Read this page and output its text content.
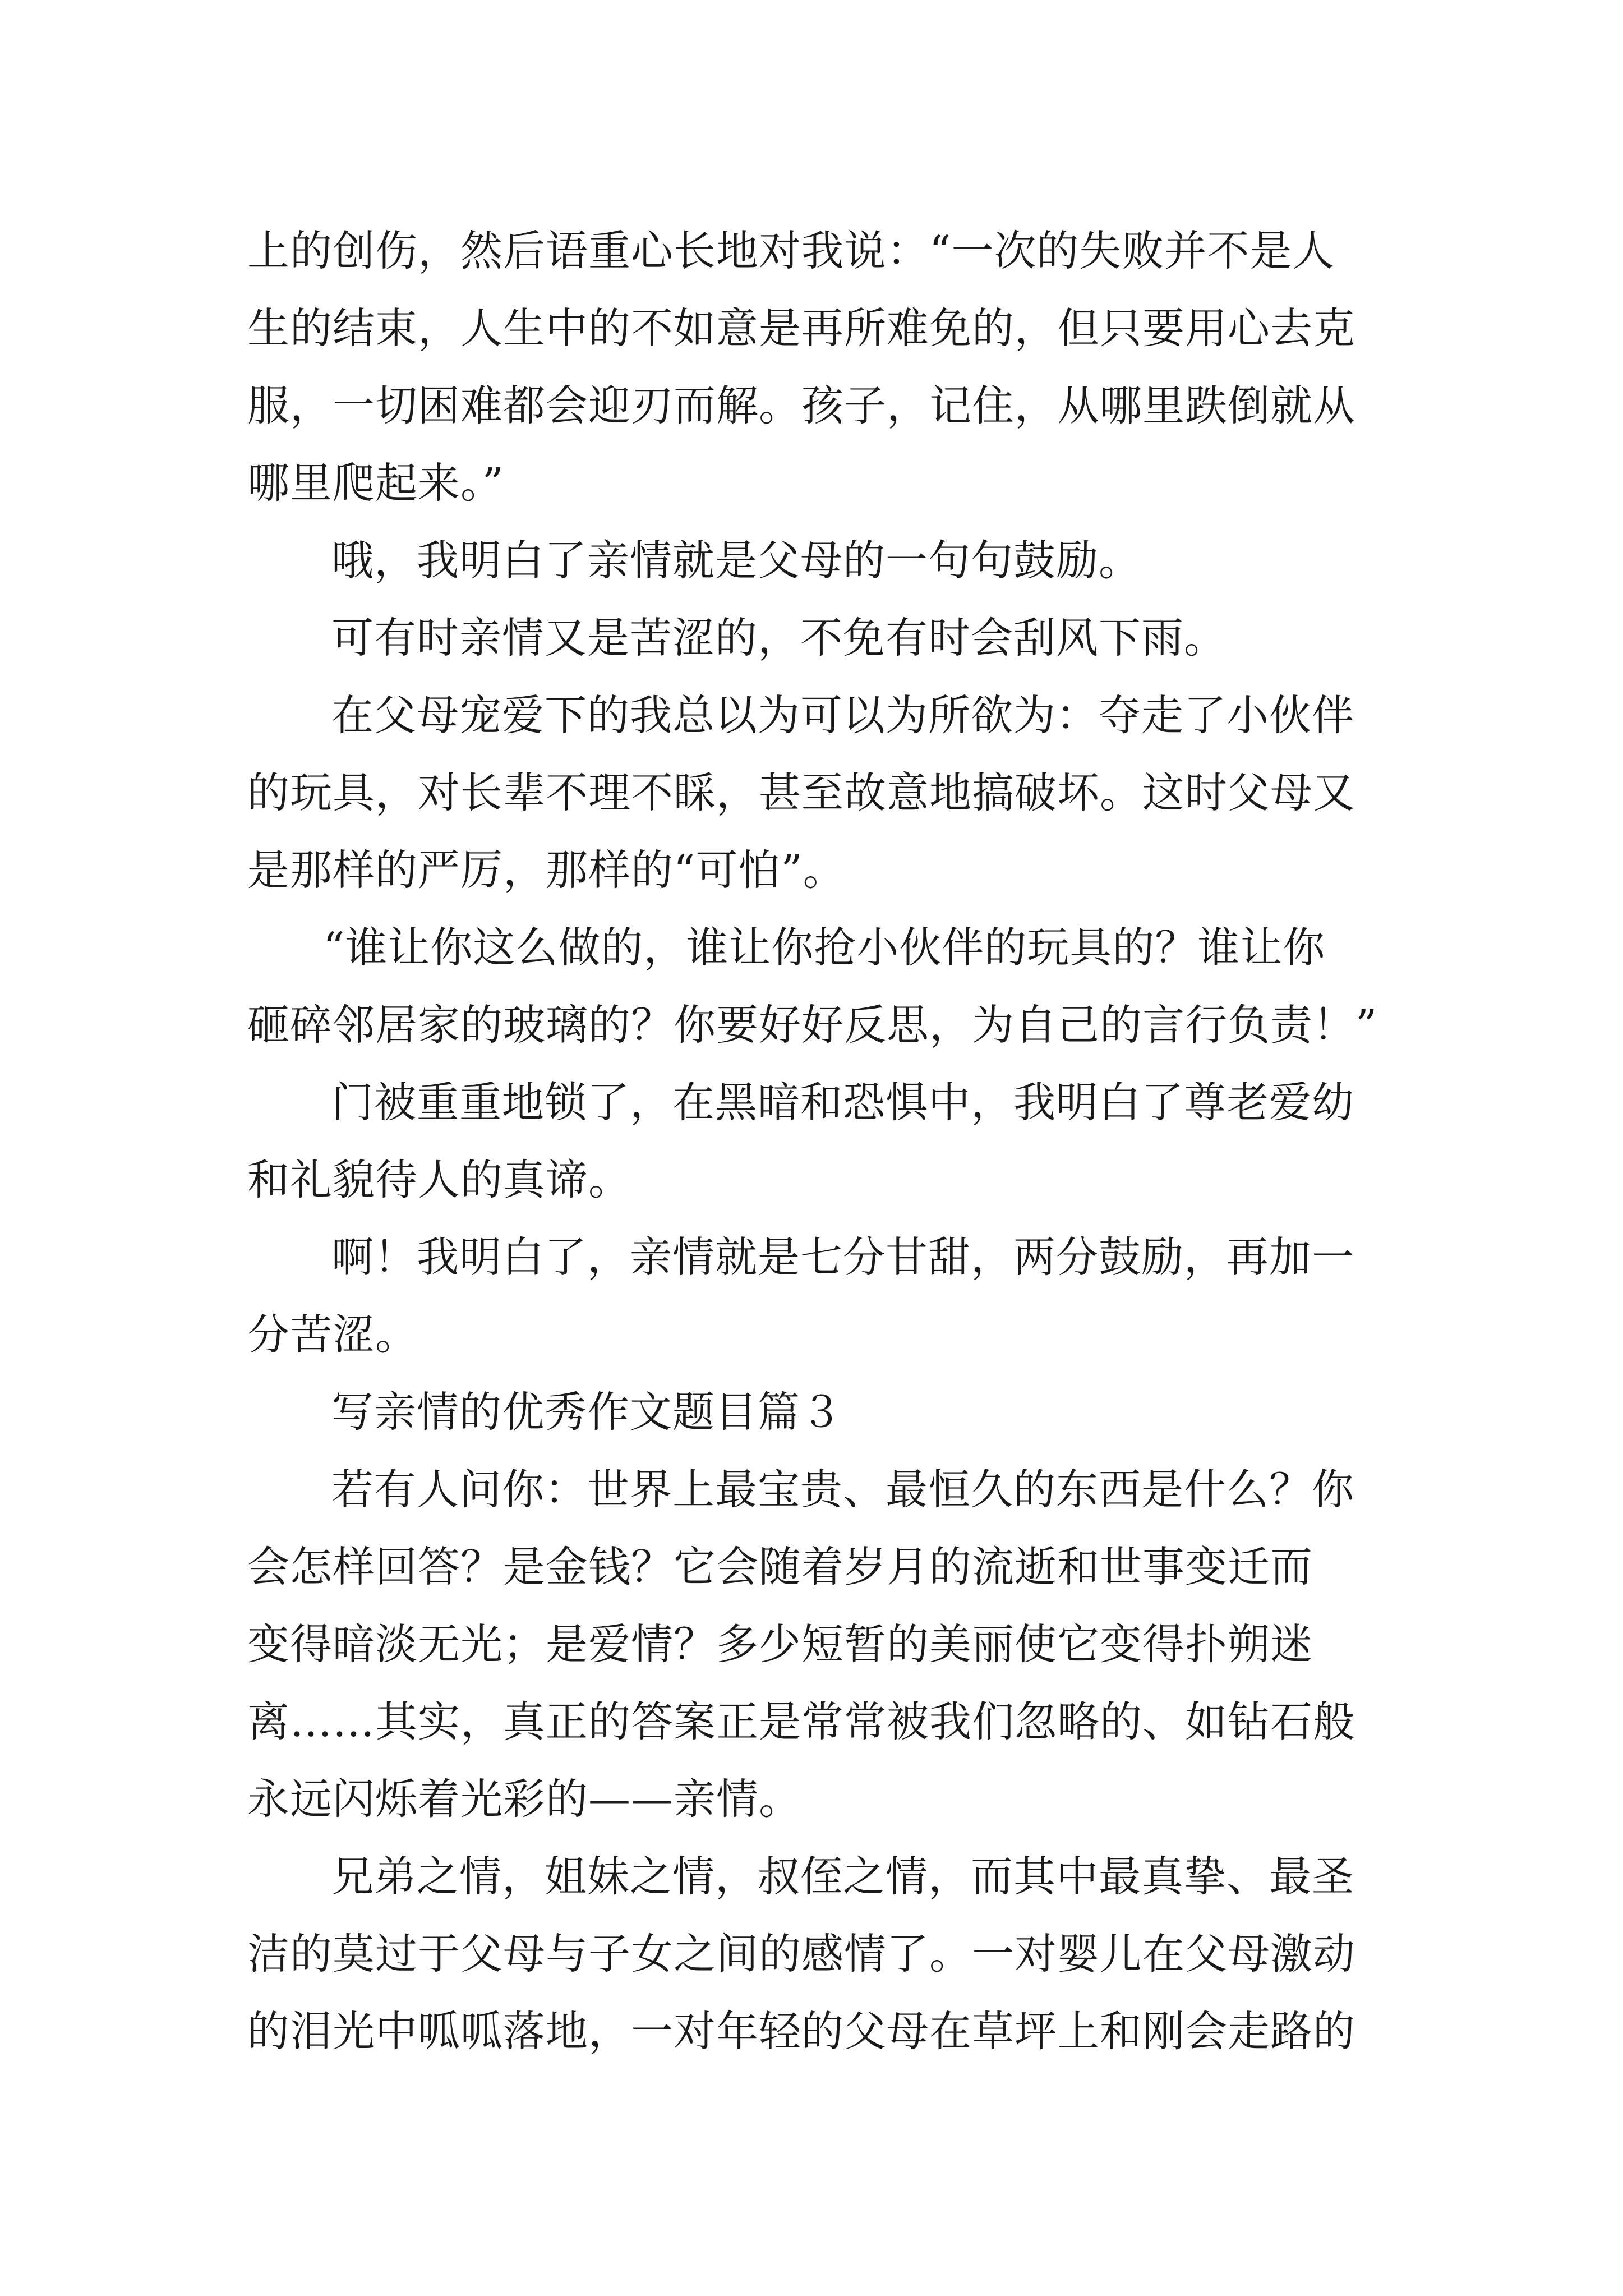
上的创伤，然后语重心长地对我说：“一次的失败并不是人
生的结束，人生中的不如意是再所难免的，但只要用心去克
服，一切困难都会迎刃而解。孩子，记住，从哪里跌倒就从
哪里爬起来。”
哦，我明白了亲情就是父母的一句句鼓励。
可有时亲情又是苦涩的，不免有时会刮风下雨。
在父母宠爱下的我总以为可以为所欲为：夺走了小伙伴
的玩具，对长辈不理不睬，甚至故意地搞破坏。这时父母又
是那样的严厉，那样的“可怕”。
“谁让你这么做的，谁让你抢小伙伴的玩具的？谁让你
砸碎邻居家的玻璃的？你要好好反思，为自己的言行负责！”
门被重重地锁了，在黑暗和恐惧中，我明白了尊老爱幼
和礼貌待人的真谛。
啊！我明白了，亲情就是七分甘甜，两分鼓励，再加一
分苦涩。
写亲情的优秀作文题目篇３
若有人问你：世界上最宝贵、最恒久的东西是什么？你
会怎样回答？是金钱？它会随着岁月的流逝和世事变迁而
变得暗淡无光；是爱情？多少短暂的美丽使它变得扑朔迷
离……其实，真正的答案正是常常被我们忽略的、如钻石般
永远闪烁着光彩的——亲情。
兄弟之情，姐妹之情，叔侄之情，而其中最真挚、最圣
洁的莫过于父母与子女之间的感情了。一对婴儿在父母激动
的泪光中呱呱落地，一对年轻的父母在草坪上和刚会走路的
